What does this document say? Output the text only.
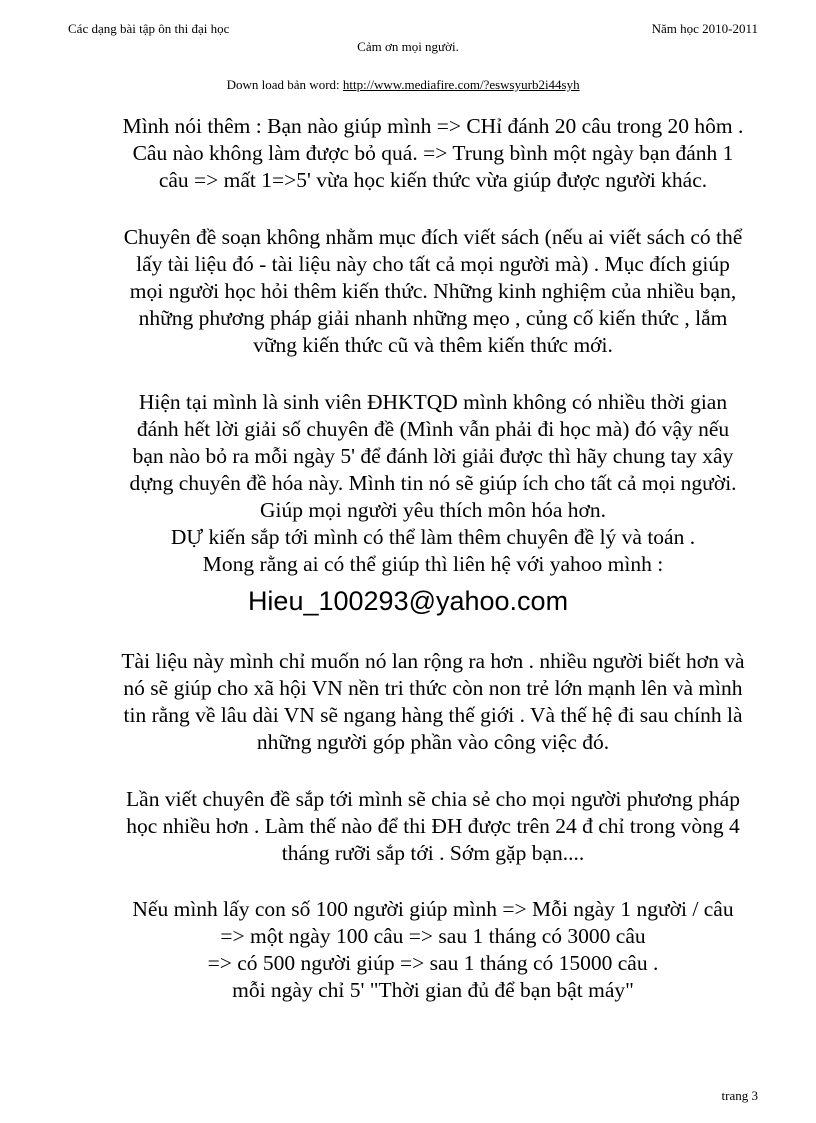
Các dạng bài tập ôn thi đại học	Năm học 2010-2011
Cảm ơn mọi người.
Down load bản word: http://www.mediafire.com/?eswsyurb2i44syh
Mình nói thêm : Bạn nào giúp mình => CHỉ đánh 20 câu trong 20 hôm .
Câu nào không làm được bỏ quá. => Trung bình một ngày bạn đánh 1
câu => mất 1=>5' vừa học kiến thức vừa giúp được người khác.
Chuyên đề soạn không nhằm mục đích viết sách (nếu ai viết sách có thể
lấy tài liệu đó - tài liệu này cho tất cả mọi người mà) . Mục đích giúp
mọi người học hỏi thêm kiến thức. Những kinh nghiệm của nhiều bạn,
những phương pháp giải nhanh những mẹo , củng cố kiến thức , lắm
vững kiến thức cũ và thêm kiến thức mới.
Hiện tại mình là sinh viên ĐHKTQD mình không có nhiều thời gian
đánh hết lời giải số chuyên đề (Mình vẫn phải đi học mà) đó vậy nếu
bạn nào bỏ ra mỗi ngày 5' để đánh lời giải được thì hãy chung tay xây
dựng chuyên đề hóa này. Mình tin nó sẽ giúp ích cho tất cả mọi người.
Giúp mọi người yêu thích môn hóa hơn.
DỰ kiến sắp tới mình có thể làm thêm chuyên đề lý và toán .
Mong rằng ai có thể giúp thì liên hệ với yahoo mình :
Hieu_100293@yahoo.com
Tài liệu này mình chỉ muốn nó lan rộng ra hơn . nhiều người biết hơn và
nó sẽ giúp cho xã hội VN nền tri thức còn non trẻ lớn mạnh lên và mình
tin rằng về lâu dài VN sẽ ngang hàng thế giới . Và thế hệ đi sau chính là
những người góp phần vào công việc đó.
Lần viết chuyên đề sắp tới mình sẽ chia sẻ cho mọi người phương pháp
học nhiều hơn . Làm thế nào để thi ĐH được trên 24 đ chỉ trong vòng 4
tháng rưỡi sắp tới . Sớm gặp bạn....
Nếu mình lấy con số 100 người giúp mình => Mỗi ngày 1 người / câu
=> một ngày 100 câu => sau 1 tháng có 3000 câu
=> có 500 người giúp => sau 1 tháng có 15000 câu .
mỗi ngày chỉ 5' "Thời gian đủ để bạn bật máy"
trang 3
